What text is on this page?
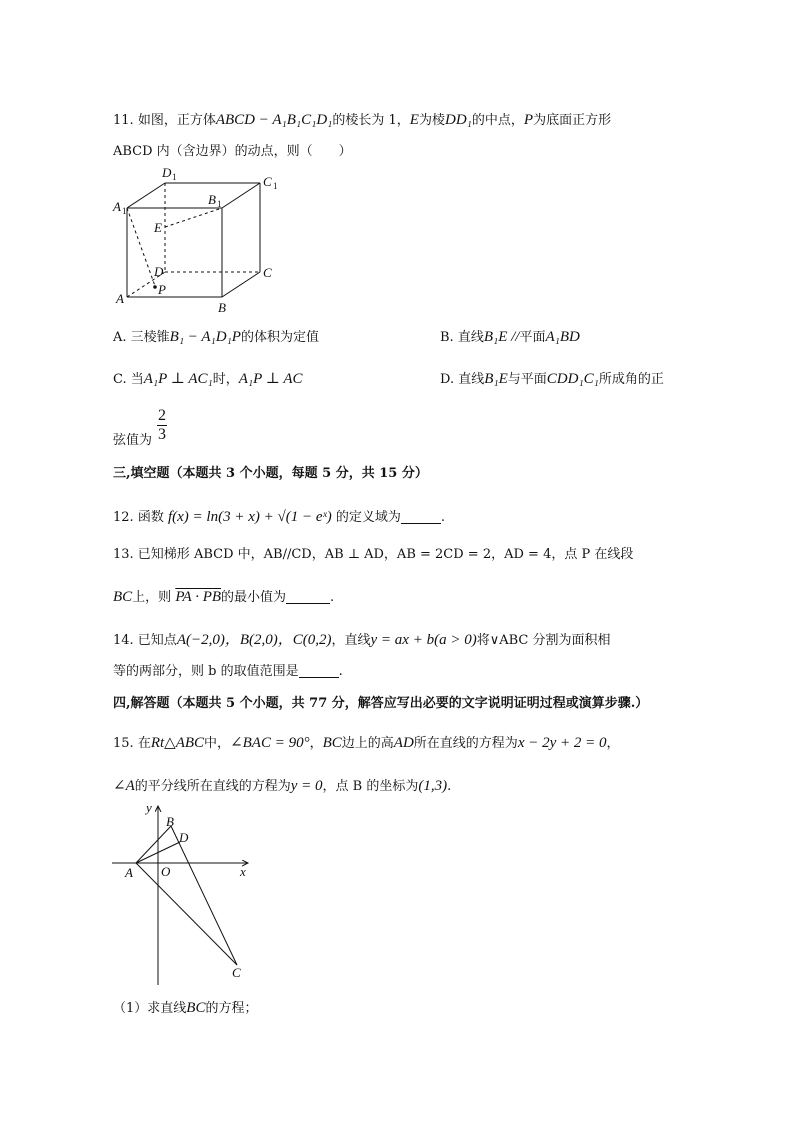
11. 如图，正方体ABCD − A₁B₁C₁D₁的棱长为 1，E为棱DD₁的中点，P为底面正方形
ABCD 内（含边界）的动点，则（　　）
D 1	C 1
A 1
B 1
E
D	C
A
P
B
A. 三棱锥B₁ − A₁D₁P的体积为定值	B. 直线B₁E //平面A₁BD
C. 当A₁P ⊥ AC₁时，A₁P ⊥ AC	D. 直线B₁E与平面CDD₁C₁所成角的正
弦值为
2
3
三,填空题（本题共 3 个小题，每题 5 分，共 15 分）
12. 函数 f(x) = ln(3 + x) + √(1 − eˣ) 的定义域为	.
13. 已知梯形 ABCD 中，AB//CD，AB ⊥ AD，AB = 2CD = 2，AD = 4，点 P 在线段
BC上，则 PA · PB的最小值为	.
14. 已知点A(−2,0)，B(2,0)，C(0,2)，直线y = ax + b(a > 0)将∨ABC 分割为面积相
等的两部分，则 b 的取值范围是	.
四,解答题（本题共 5 个小题，共 77 分，解答应写出必要的文字说明证明过程或演算步骤.）
15. 在Rt△ABC中，∠BAC = 90°，BC边上的高AD所在直线的方程为x − 2y + 2 = 0，
∠A的平分线所在直线的方程为y = 0，点 B 的坐标为(1,3).
y
B
D
A O	x
C
（1）求直线BC的方程；
